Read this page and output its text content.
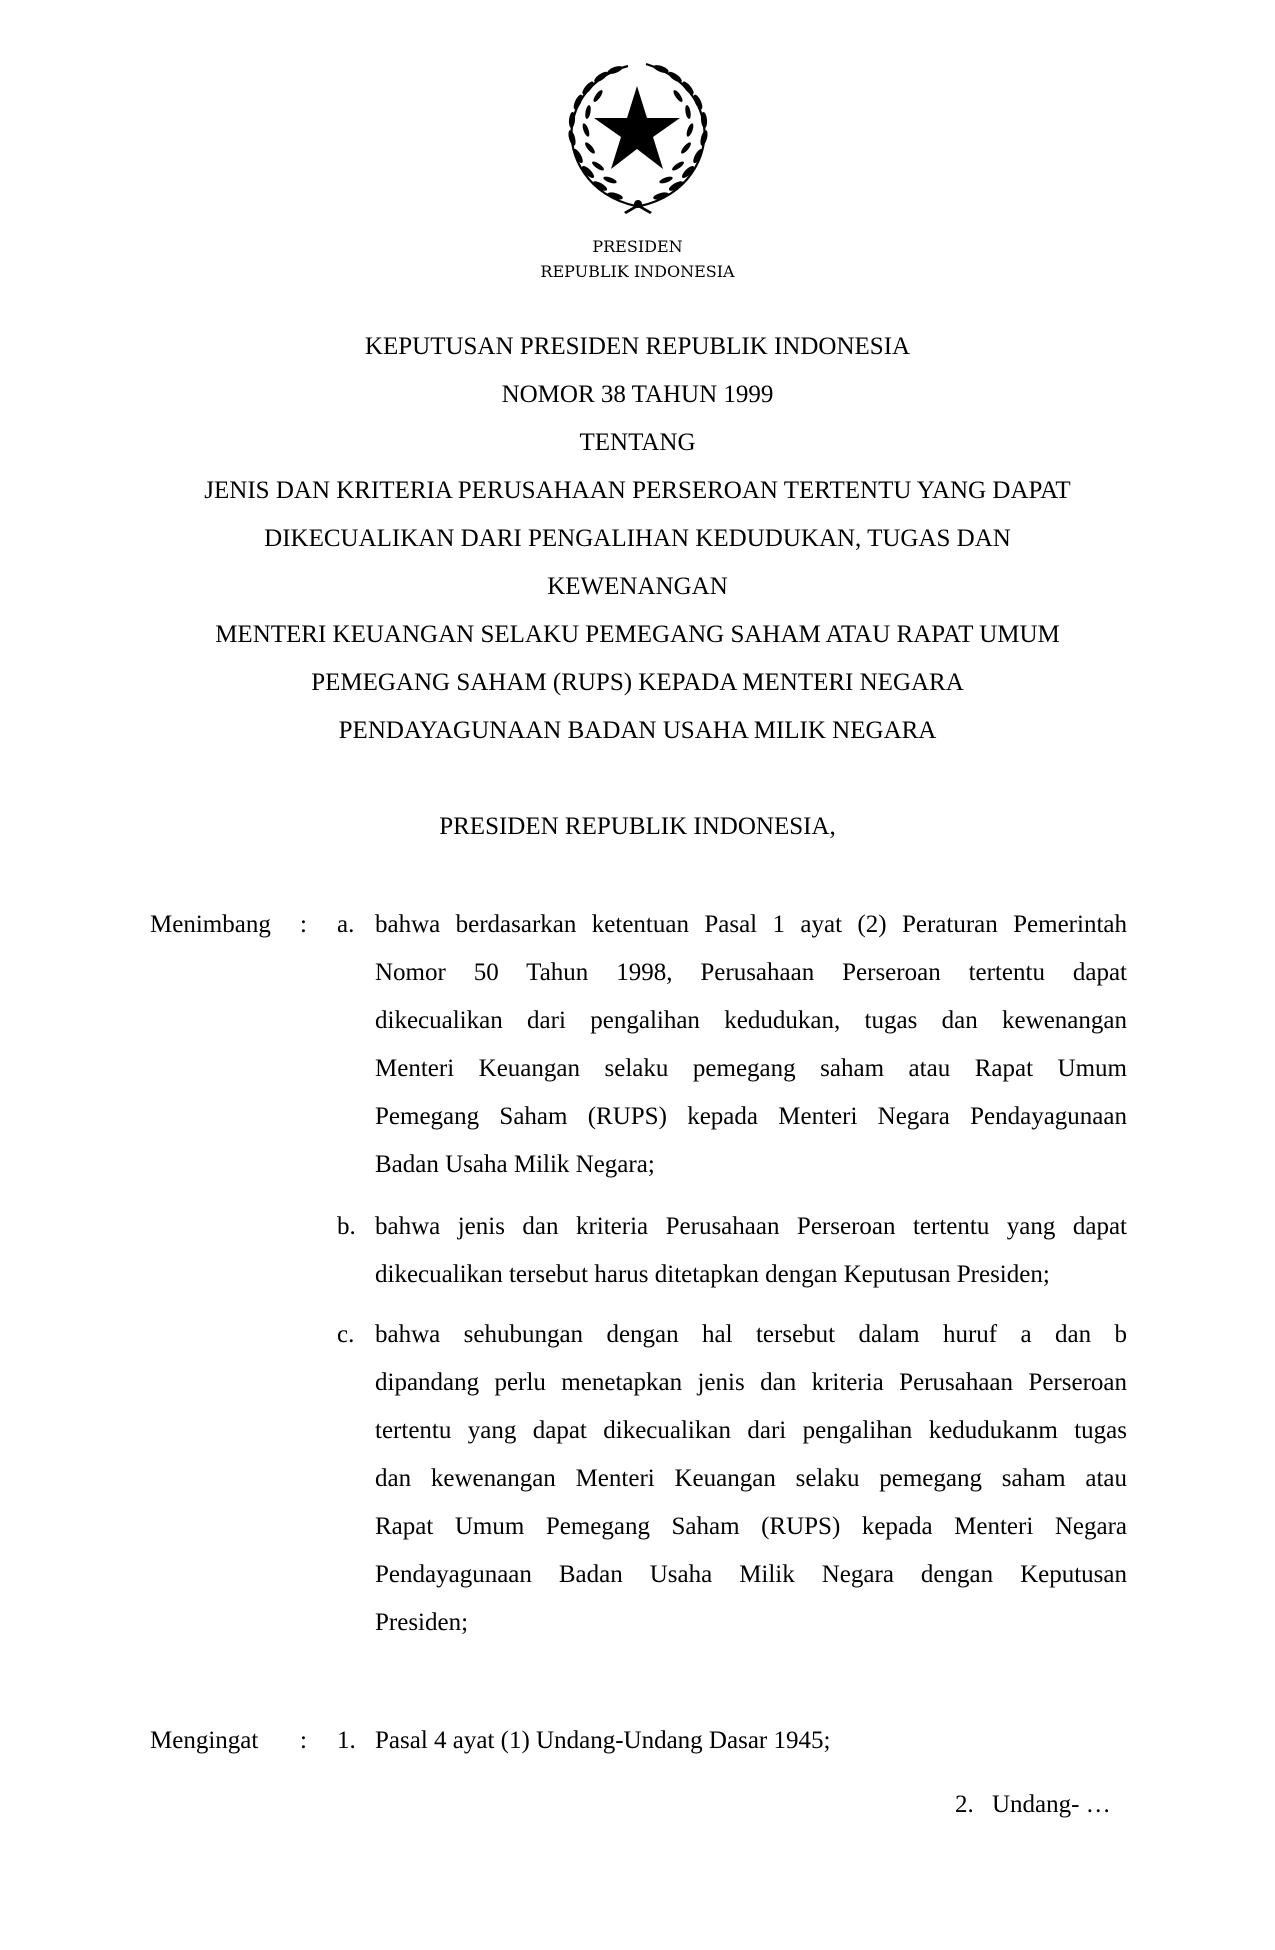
PRESIDEN
REPUBLIK INDONESIA
KEPUTUSAN PRESIDEN REPUBLIK INDONESIA
NOMOR 38 TAHUN 1999
TENTANG
JENIS DAN KRITERIA PERUSAHAAN PERSEROAN TERTENTU YANG DAPAT
DIKECUALIKAN DARI PENGALIHAN KEDUDUKAN, TUGAS DAN
KEWENANGAN
MENTERI KEUANGAN SELAKU PEMEGANG SAHAM ATAU RAPAT UMUM
PEMEGANG SAHAM (RUPS) KEPADA MENTERI NEGARA
PENDAYAGUNAAN BADAN USAHA MILIK NEGARA
PRESIDEN REPUBLIK INDONESIA,
Menimbang : a. bahwa berdasarkan ketentuan Pasal 1 ayat (2) Peraturan Pemerintah
Nomor 50 Tahun 1998, Perusahaan Perseroan tertentu dapat
dikecualikan dari pengalihan kedudukan, tugas dan kewenangan
Menteri Keuangan selaku pemegang saham atau Rapat Umum
Pemegang Saham (RUPS) kepada Menteri Negara Pendayagunaan
Badan Usaha Milik Negara;
b. bahwa jenis dan kriteria Perusahaan Perseroan tertentu yang dapat
dikecualikan tersebut harus ditetapkan dengan Keputusan Presiden;
c. bahwa sehubungan dengan hal tersebut dalam huruf a dan b
dipandang perlu menetapkan jenis dan kriteria Perusahaan Perseroan
tertentu yang dapat dikecualikan dari pengalihan kedudukanm tugas
dan kewenangan Menteri Keuangan selaku pemegang saham atau
Rapat Umum Pemegang Saham (RUPS) kepada Menteri Negara
Pendayagunaan Badan Usaha Milik Negara dengan Keputusan
Presiden;
Mengingat : 1. Pasal 4 ayat (1) Undang-Undang Dasar 1945;
2. Undang- …
